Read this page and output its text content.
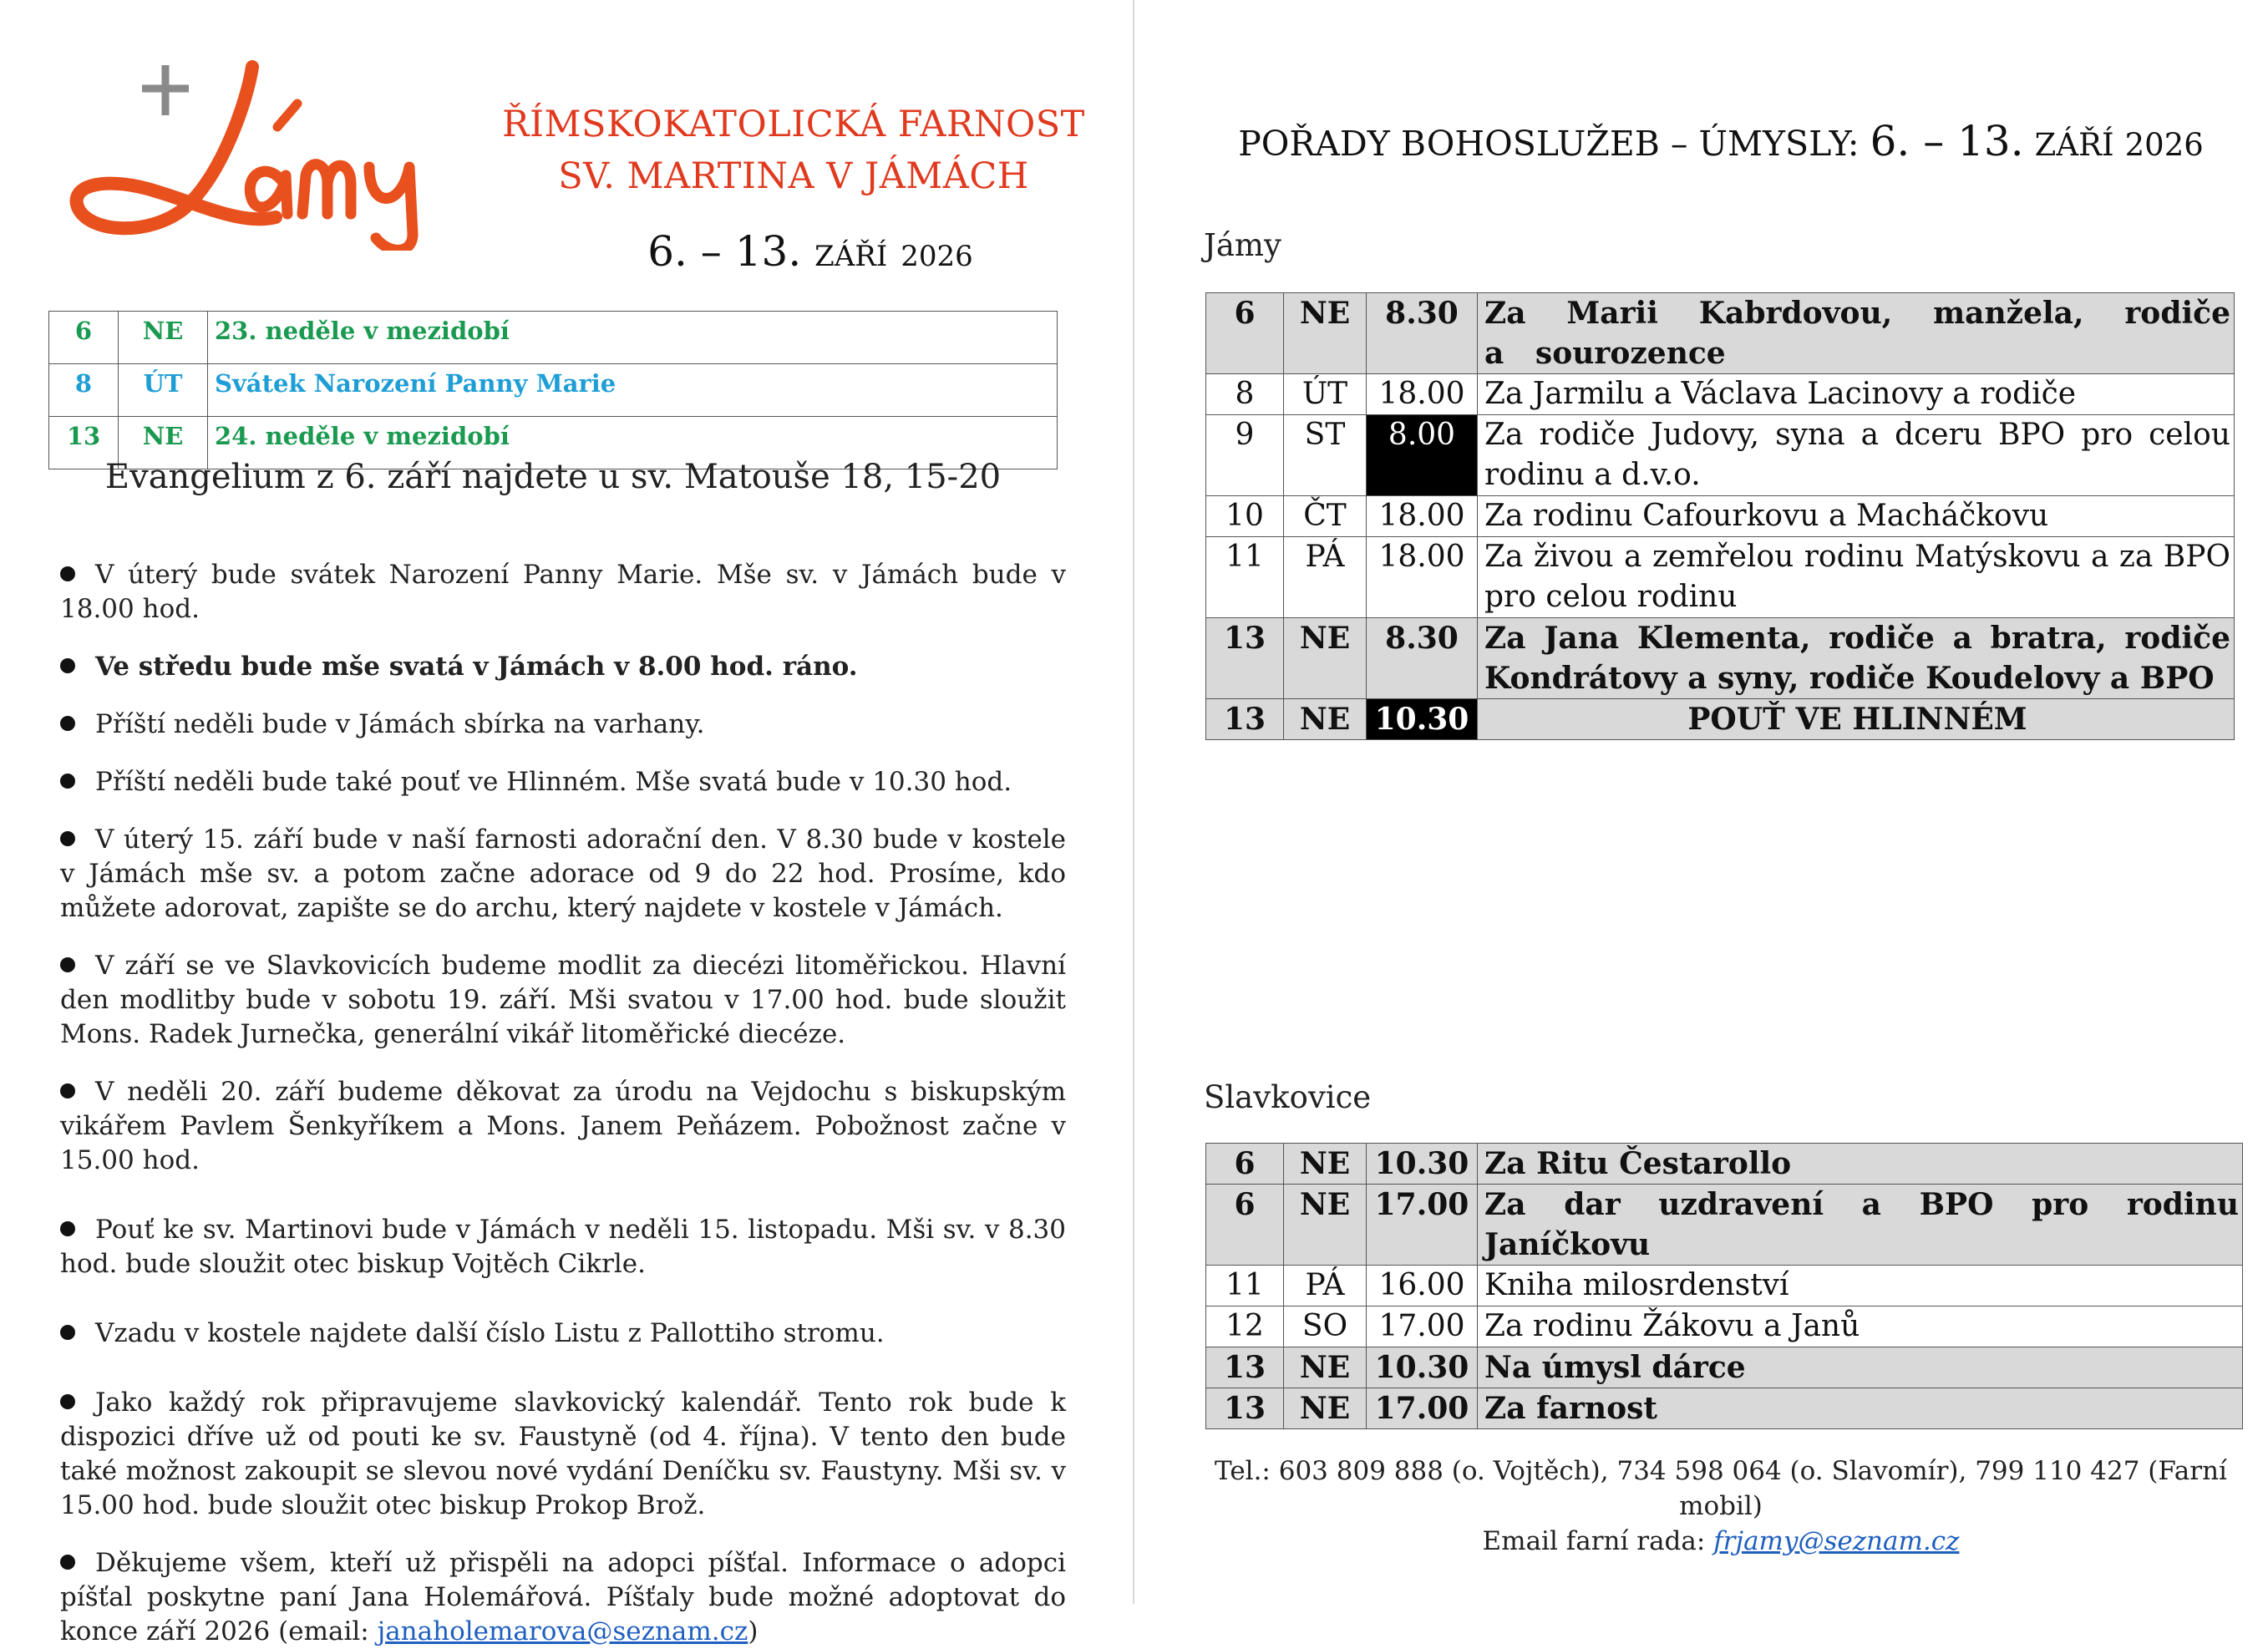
ŘÍMSKOKATOLICKÁ FARNOST
SV. MARTINA V JÁMÁCH
6. – 13. ZÁŘÍ 2026
6	NE	23. neděle v mezidobí
8	ÚT	Svátek Narození Panny Marie
13	NE	24. neděle v mezidobí
Evangelium z 6. září najdete u sv. Matouše 18, 15-20

V úterý bude svátek Narození Panny Marie. Mše sv. v Jámách bude v 18.00 hod.

Ve středu bude mše svatá v Jámách v 8.00 hod. ráno.

Příští neděli bude v Jámách sbírka na varhany.

Příští neděli bude také pouť ve Hlinném. Mše svatá bude v 10.30 hod.

V úterý 15. září bude v naší farnosti adorační den. V 8.30 bude v kostele v Jámách mše sv. a potom začne adorace od 9 do 22 hod. Prosíme, kdo můžete adorovat, zapište se do archu, který najdete v kostele v Jámách.

V září se ve Slavkovicích budeme modlit za diecézi litoměřickou. Hlavní den modlitby bude v sobotu 19. září. Mši svatou v 17.00 hod. bude sloužit Mons. Radek Jurnečka, generální vikář litoměřické diecéze.

V neděli 20. září budeme děkovat za úrodu na Vejdochu s biskupským vikářem Pavlem Šenkyříkem a Mons. Janem Peňázem. Pobožnost začne v 15.00 hod.

Pouť ke sv. Martinovi bude v Jámách v neděli 15. listopadu. Mši sv. v 8.30 hod. bude sloužit otec biskup Vojtěch Cikrle.

Vzadu v kostele najdete další číslo Listu z Pallottiho stromu.

Jako každý rok připravujeme slavkovický kalendář. Tento rok bude k dispozici dříve už od pouti ke sv. Faustyně (od 4. října). V tento den bude také možnost zakoupit se slevou nové vydání Deníčku sv. Faustyny. Mši sv. v 15.00 hod. bude sloužit otec biskup Prokop Brož.

Děkujeme všem, kteří už přispěli na adopci píšťal. Informace o adopci píšťal poskytne paní Jana Holemářová. Píšťaly bude možné adoptovat do konce září 2026 (email: janaholemarova@seznam.cz)

POŘADY BOHOSLUŽEB – ÚMYSLY: 6. – 13. ZÁŘÍ 2026
Jámy
6	NE	8.30	Za Marii Kabrdovou, manžela, rodiče a   sourozence
8	ÚT	18.00	Za Jarmilu a Václava Lacinovy a rodiče
9	ST	8.00	Za rodiče Judovy, syna a dceru BPO pro celou rodinu a d.v.o.
10	ČT	18.00	Za rodinu Cafourkovu a Macháčkovu
11	PÁ	18.00	Za živou a zemřelou rodinu Matýskovu a za BPO pro celou rodinu
13	NE	8.30	Za Jana Klementa, rodiče a bratra, rodiče Kondrátovy a syny, rodiče Koudelovy a BPO
13	NE	10.30	POUŤ VE HLINNÉM
Slavkovice
6	NE	10.30	Za Ritu Čestarollo
6	NE	17.00	Za dar uzdravení a BPO pro rodinu Janíčkovu
11	PÁ	16.00	Kniha milosrdenství
12	SO	17.00	Za rodinu Žákovu a Janů
13	NE	10.30	Na úmysl dárce
13	NE	17.00	Za farnost
Tel.: 603 809 888 (o. Vojtěch), 734 598 064 (o. Slavomír), 799 110 427 (Farní mobil)
Email farní rada: frjamy@seznam.cz
